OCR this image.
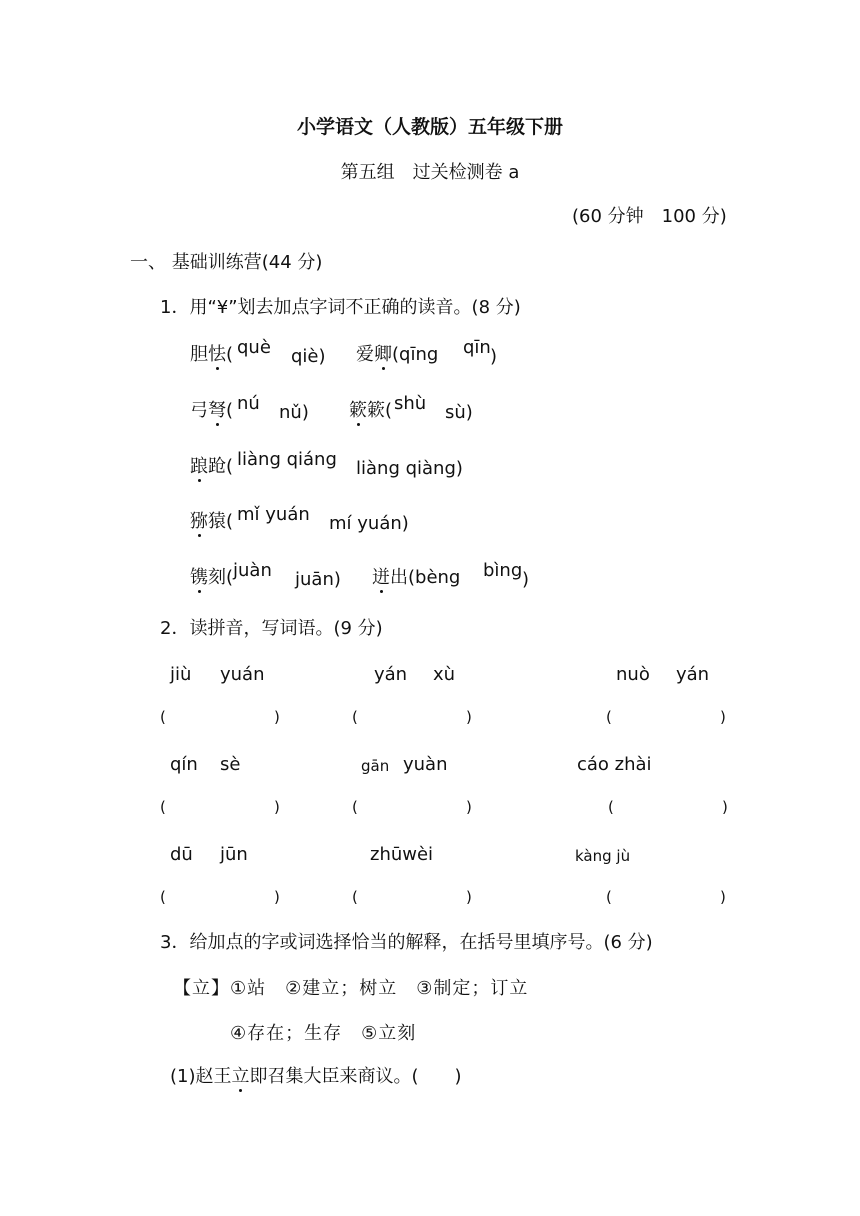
小学语文（人教版）五年级下册
第五组　过关检测卷 a
(60 分钟　100 分)
一、 基础训练营(44 分)
1．用“¥”划去加点字词不正确的读音。(8 分)
胆怯( què qiè) 爱卿(qīng qīn )
弓弩( nú nǔ) 簌簌( shù sù)
踉跄( liàng qiáng liàng qiàng)
猕猿( mǐ yuán mí yuán)
镌刻( juàn juān) 迸出(bèng bìng )
2．读拼音，写词语。(9 分)
jiù yuán	yán xù	nuò yán
(	)	(	)	(	)
qín sè	gān yuàn	cáo zhài
(	)	(	)	(	)
dū jūn	zhūwèi	kàng jù
(	)	(	)	(	)
3．给加点的字或词选择恰当的解释，在括号里填序号。(6 分)
【立】①站　②建立；树立　③制定；订立
④存在；生存　⑤立刻
(1)赵王立即召集大臣来商议。(　　)
